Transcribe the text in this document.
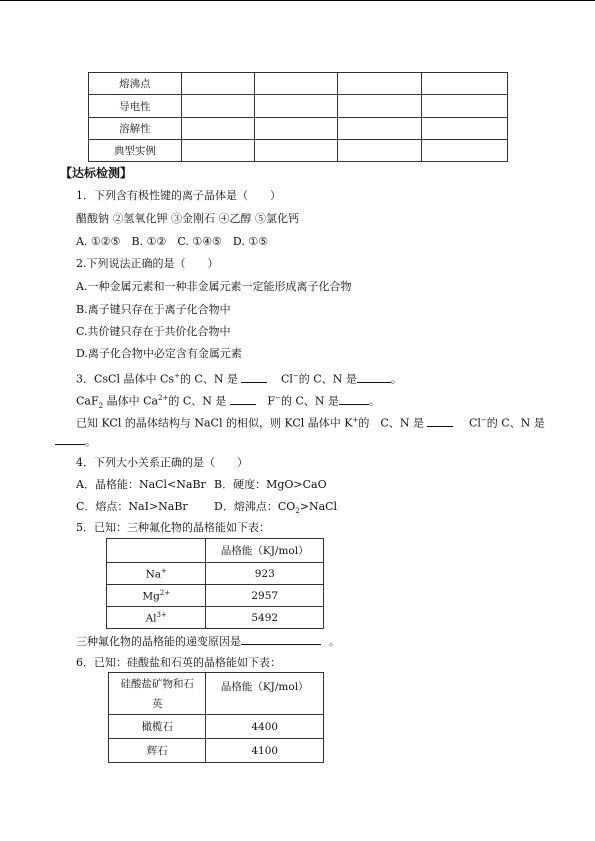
熔沸点				
导电性				
溶解性				
典型实例				
【达标检测】
1．下列含有极性键的离子晶体是（　　）
醋酸钠 ②氢氧化钾 ③金刚石 ④乙醇 ⑤氯化钙
A. ①②⑤　B. ①②　C. ①④⑤　D. ①⑤
2.下列说法正确的是（　　）
A.一种金属元素和一种非金属元素一定能形成离子化合物
B.离子键只存在于离子化合物中
C.共价键只存在于共价化合物中
D.离子化合物中必定含有金属元素
3．CsCl 晶体中 Cs+的 C、N 是	Cl−的 C、N 是	。
CaF$_2$ 晶体中 $Ca^{2+}$的 C、N 是	F−的 C、N 是	。
已知 KCl 的晶体结构与 NaCl 的相似，则 KCl 晶体中 K+的　C、N 是	Cl−的 C、N 是
。
4．下列大小关系正确的是（　　）
A．晶格能：NaCl<NaBr B．硬度：MgO>CaO
C．熔点：NaI>NaBr D．熔沸点：$CO_2>NaCl$
5．已知：三种氟化物的晶格能如下表：
	晶格能（KJ/mol）
Na+	923
$Mg^{2+}$	2957
$Al^{3+}$	5492
三种氟化物的晶格能的递变原因是	。
6．已知：硅酸盐和石英的晶格能如下表：
硅酸盐矿物和石
英	晶格能（KJ/mol）
橄榄石	4400
辉石	4100
